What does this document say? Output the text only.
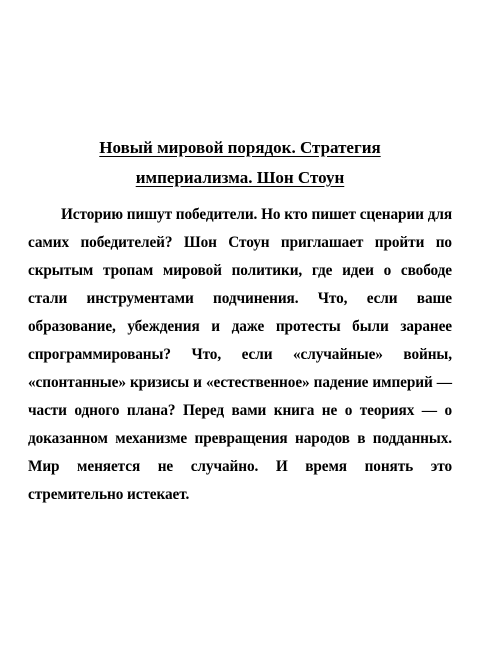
Новый мировой порядок. Стратегия
империализма. Шон Стоун

Историю пишут победители. Но кто пишет сценарии для самих победителей? Шон Стоун приглашает пройти по скрытым тропам мировой политики, где идеи о свободе стали инструментами подчинения. Что, если ваше образование, убеждения и даже протесты были заранее спрограммированы? Что, если «случайные» войны, «спонтанные» кризисы и «естественное» падение империй — части одного плана? Перед вами книга не о теориях — о доказанном механизме превращения народов в подданных. Мир меняется не случайно. И время понять это стремительно истекает.
